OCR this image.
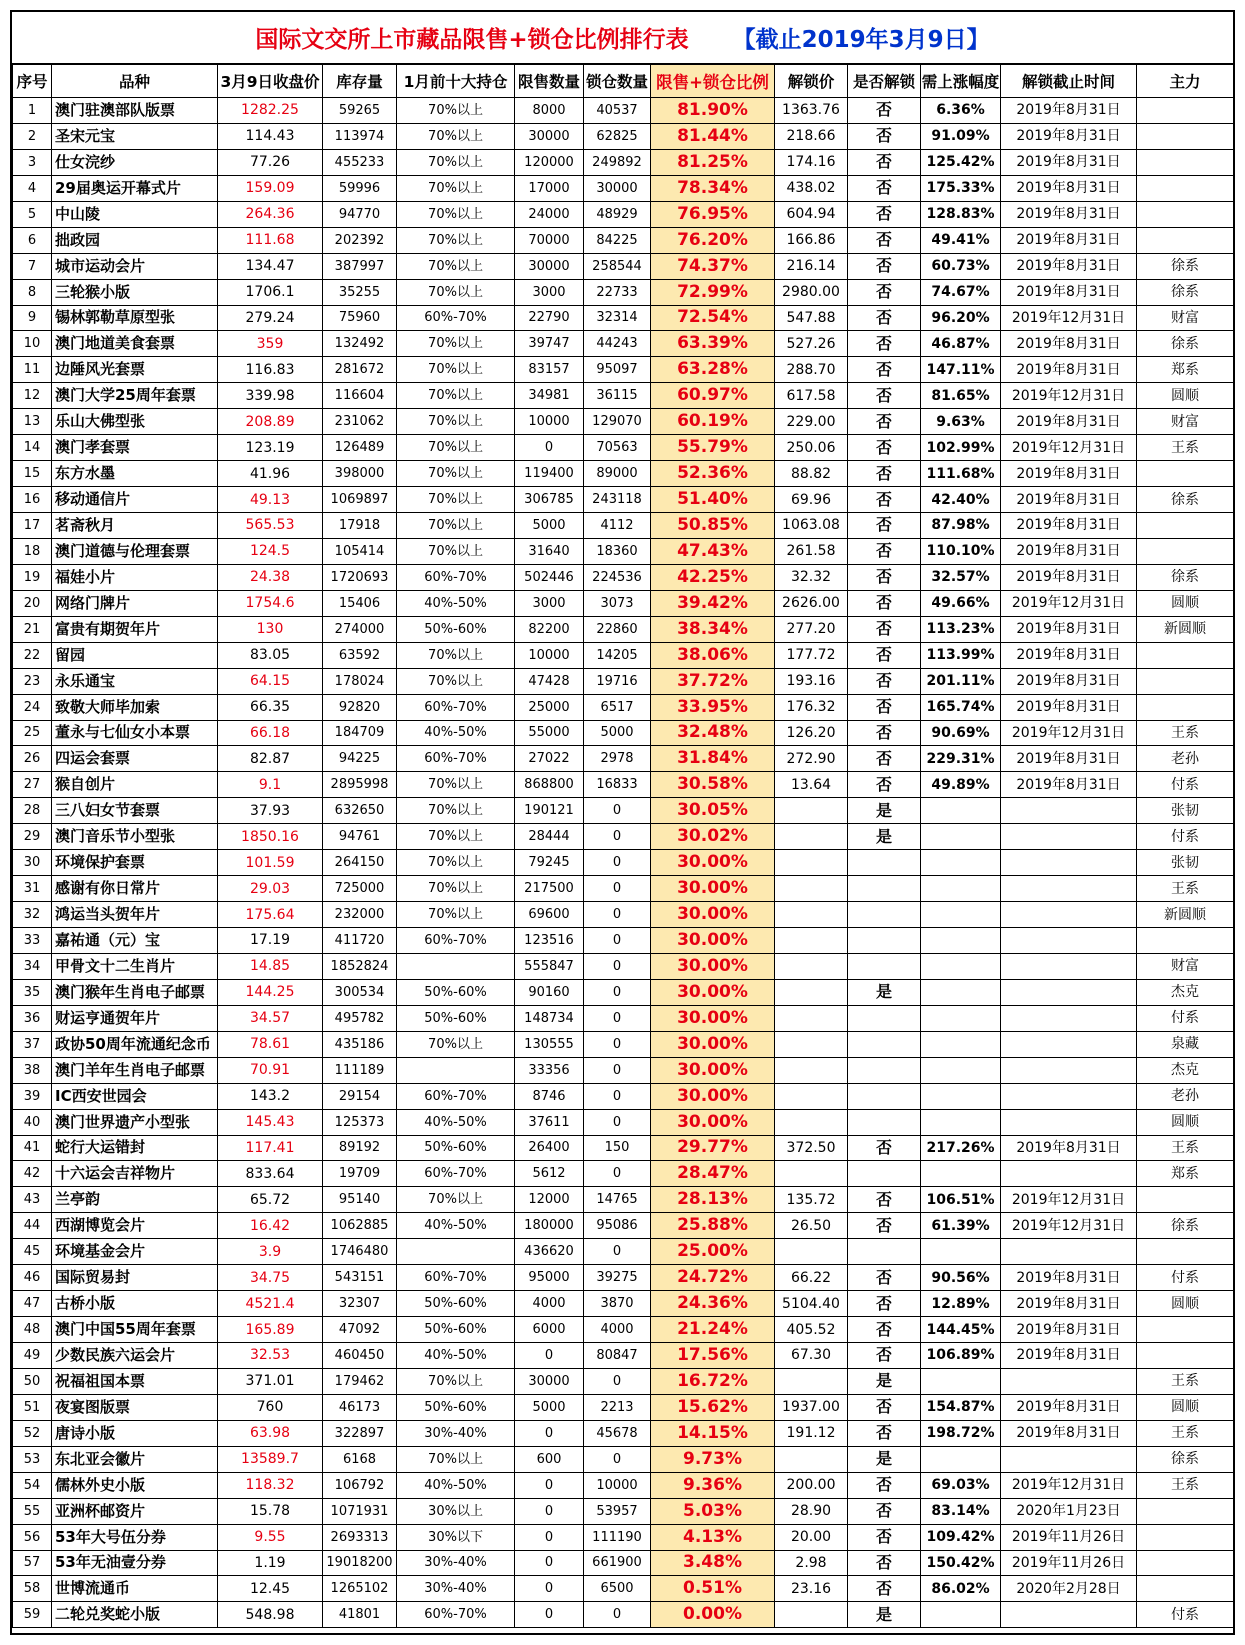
国际文交所上市藏品限售+锁仓比例排行表 【截止2019年3月9日】
序号	品种	3月9日收盘价	库存量	1月前十大持仓	限售数量	锁仓数量	限售+锁仓比例	解锁价	是否解锁	需上涨幅度	解锁截止时间	主力
1	澳门驻澳部队版票	1282.25	59265	70%以上	8000	40537	81.90%	1363.76	否	6.36%	2019年8月31日	
2	圣宋元宝	114.43	113974	70%以上	30000	62825	81.44%	218.66	否	91.09%	2019年8月31日	
3	仕女浣纱	77.26	455233	70%以上	120000	249892	81.25%	174.16	否	125.42%	2019年8月31日	
4	29届奥运开幕式片	159.09	59996	70%以上	17000	30000	78.34%	438.02	否	175.33%	2019年8月31日	
5	中山陵	264.36	94770	70%以上	24000	48929	76.95%	604.94	否	128.83%	2019年8月31日	
6	拙政园	111.68	202392	70%以上	70000	84225	76.20%	166.86	否	49.41%	2019年8月31日	
7	城市运动会片	134.47	387997	70%以上	30000	258544	74.37%	216.14	否	60.73%	2019年8月31日	徐系
8	三轮猴小版	1706.1	35255	70%以上	3000	22733	72.99%	2980.00	否	74.67%	2019年8月31日	徐系
9	锡林郭勒草原型张	279.24	75960	60%-70%	22790	32314	72.54%	547.88	否	96.20%	2019年12月31日	财富
10	澳门地道美食套票	359	132492	70%以上	39747	44243	63.39%	527.26	否	46.87%	2019年8月31日	徐系
11	边陲风光套票	116.83	281672	70%以上	83157	95097	63.28%	288.70	否	147.11%	2019年8月31日	郑系
12	澳门大学25周年套票	339.98	116604	70%以上	34981	36115	60.97%	617.58	否	81.65%	2019年12月31日	圆顺
13	乐山大佛型张	208.89	231062	70%以上	10000	129070	60.19%	229.00	否	9.63%	2019年8月31日	财富
14	澳门孝套票	123.19	126489	70%以上	0	70563	55.79%	250.06	否	102.99%	2019年12月31日	王系
15	东方水墨	41.96	398000	70%以上	119400	89000	52.36%	88.82	否	111.68%	2019年8月31日	
16	移动通信片	49.13	1069897	70%以上	306785	243118	51.40%	69.96	否	42.40%	2019年8月31日	徐系
17	茗斋秋月	565.53	17918	70%以上	5000	4112	50.85%	1063.08	否	87.98%	2019年8月31日	
18	澳门道德与伦理套票	124.5	105414	70%以上	31640	18360	47.43%	261.58	否	110.10%	2019年8月31日	
19	福娃小片	24.38	1720693	60%-70%	502446	224536	42.25%	32.32	否	32.57%	2019年8月31日	徐系
20	网络门牌片	1754.6	15406	40%-50%	3000	3073	39.42%	2626.00	否	49.66%	2019年12月31日	圆顺
21	富贵有期贺年片	130	274000	50%-60%	82200	22860	38.34%	277.20	否	113.23%	2019年8月31日	新圆顺
22	留园	83.05	63592	70%以上	10000	14205	38.06%	177.72	否	113.99%	2019年8月31日	
23	永乐通宝	64.15	178024	70%以上	47428	19716	37.72%	193.16	否	201.11%	2019年8月31日	
24	致敬大师毕加索	66.35	92820	60%-70%	25000	6517	33.95%	176.32	否	165.74%	2019年8月31日	
25	董永与七仙女小本票	66.18	184709	40%-50%	55000	5000	32.48%	126.20	否	90.69%	2019年12月31日	王系
26	四运会套票	82.87	94225	60%-70%	27022	2978	31.84%	272.90	否	229.31%	2019年8月31日	老孙
27	猴自创片	9.1	2895998	70%以上	868800	16833	30.58%	13.64	否	49.89%	2019年8月31日	付系
28	三八妇女节套票	37.93	632650	70%以上	190121	0	30.05%		是			张韧
29	澳门音乐节小型张	1850.16	94761	70%以上	28444	0	30.02%		是			付系
30	环境保护套票	101.59	264150	70%以上	79245	0	30.00%					张韧
31	感谢有你日常片	29.03	725000	70%以上	217500	0	30.00%					王系
32	鸿运当头贺年片	175.64	232000	70%以上	69600	0	30.00%					新圆顺
33	嘉祐通（元）宝	17.19	411720	60%-70%	123516	0	30.00%					
34	甲骨文十二生肖片	14.85	1852824		555847	0	30.00%					财富
35	澳门猴年生肖电子邮票	144.25	300534	50%-60%	90160	0	30.00%		是			杰克
36	财运亨通贺年片	34.57	495782	50%-60%	148734	0	30.00%					付系
37	政协50周年流通纪念币	78.61	435186	70%以上	130555	0	30.00%					泉藏
38	澳门羊年生肖电子邮票	70.91	111189		33356	0	30.00%					杰克
39	IC西安世园会	143.2	29154	60%-70%	8746	0	30.00%					老孙
40	澳门世界遗产小型张	145.43	125373	40%-50%	37611	0	30.00%					圆顺
41	蛇行大运错封	117.41	89192	50%-60%	26400	150	29.77%	372.50	否	217.26%	2019年8月31日	王系
42	十六运会吉祥物片	833.64	19709	60%-70%	5612	0	28.47%					郑系
43	兰亭韵	65.72	95140	70%以上	12000	14765	28.13%	135.72	否	106.51%	2019年12月31日	
44	西湖博览会片	16.42	1062885	40%-50%	180000	95086	25.88%	26.50	否	61.39%	2019年12月31日	徐系
45	环境基金会片	3.9	1746480		436620	0	25.00%					
46	国际贸易封	34.75	543151	60%-70%	95000	39275	24.72%	66.22	否	90.56%	2019年8月31日	付系
47	古桥小版	4521.4	32307	50%-60%	4000	3870	24.36%	5104.40	否	12.89%	2019年8月31日	圆顺
48	澳门中国55周年套票	165.89	47092	50%-60%	6000	4000	21.24%	405.52	否	144.45%	2019年8月31日	
49	少数民族六运会片	32.53	460450	40%-50%	0	80847	17.56%	67.30	否	106.89%	2019年8月31日	
50	祝福祖国本票	371.01	179462	70%以上	30000	0	16.72%		是			王系
51	夜宴图版票	760	46173	50%-60%	5000	2213	15.62%	1937.00	否	154.87%	2019年8月31日	圆顺
52	唐诗小版	63.98	322897	30%-40%	0	45678	14.15%	191.12	否	198.72%	2019年8月31日	王系
53	东北亚会徽片	13589.7	6168	70%以上	600	0	9.73%		是			徐系
54	儒林外史小版	118.32	106792	40%-50%	0	10000	9.36%	200.00	否	69.03%	2019年12月31日	王系
55	亚洲杯邮资片	15.78	1071931	30%以上	0	53957	5.03%	28.90	否	83.14%	2020年1月23日	
56	53年大号伍分券	9.55	2693313	30%以下	0	111190	4.13%	20.00	否	109.42%	2019年11月26日	
57	53年无油壹分券	1.19	19018200	30%-40%	0	661900	3.48%	2.98	否	150.42%	2019年11月26日	
58	世博流通币	12.45	1265102	30%-40%	0	6500	0.51%	23.16	否	86.02%	2020年2月28日	
59	二轮兑奖蛇小版	548.98	41801	60%-70%	0	0	0.00%		是			付系
